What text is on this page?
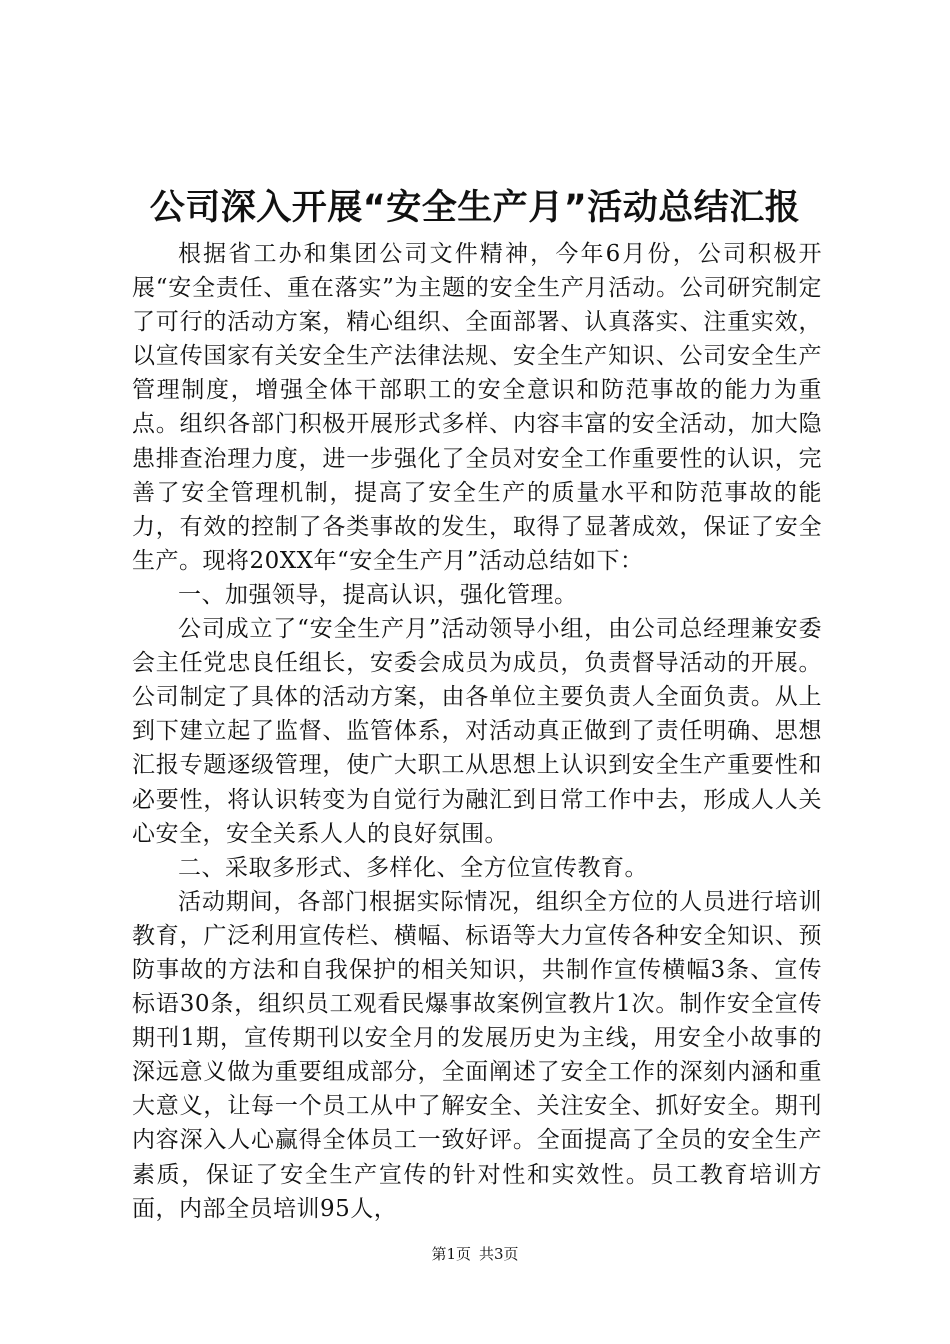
公司深入开展“安全生产月”活动总结汇报

根据省工办和集团公司文件精神，今年6月份，公司积极开展“安全责任、重在落实”为主题的安全生产月活动。公司研究制定了可行的活动方案，精心组织、全面部署、认真落实、注重实效，以宣传国家有关安全生产法律法规、安全生产知识、公司安全生产管理制度，增强全体干部职工的安全意识和防范事故的能力为重点。组织各部门积极开展形式多样、内容丰富的安全活动，加大隐患排查治理力度，进一步强化了全员对安全工作重要性的认识，完善了安全管理机制，提高了安全生产的质量水平和防范事故的能力，有效的控制了各类事故的发生，取得了显著成效，保证了安全生产。现将20XX年“安全生产月”活动总结如下：

一、加强领导，提高认识，强化管理。

公司成立了“安全生产月”活动领导小组，由公司总经理兼安委会主任党忠良任组长，安委会成员为成员，负责督导活动的开展。公司制定了具体的活动方案，由各单位主要负责人全面负责。从上到下建立起了监督、监管体系，对活动真正做到了责任明确、思想汇报专题逐级管理，使广大职工从思想上认识到安全生产重要性和必要性，将认识转变为自觉行为融汇到日常工作中去，形成人人关心安全，安全关系人人的良好氛围。

二、采取多形式、多样化、全方位宣传教育。

活动期间，各部门根据实际情况，组织全方位的人员进行培训教育，广泛利用宣传栏、横幅、标语等大力宣传各种安全知识、预防事故的方法和自我保护的相关知识，共制作宣传横幅3条、宣传标语30条，组织员工观看民爆事故案例宣教片1次。制作安全宣传期刊1期，宣传期刊以安全月的发展历史为主线，用安全小故事的深远意义做为重要组成部分，全面阐述了安全工作的深刻内涵和重大意义，让每一个员工从中了解安全、关注安全、抓好安全。期刊内容深入人心赢得全体员工一致好评。全面提高了全员的安全生产素质，保证了安全生产宣传的针对性和实效性。员工教育培训方面，内部全员培训95人，

第1页 共3页
